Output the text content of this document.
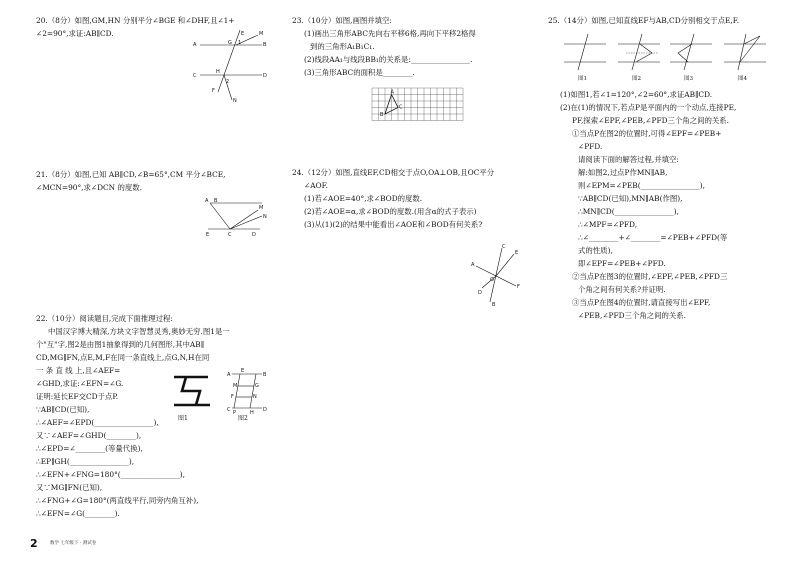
20.（8分）如图,GM,HN 分别平分∠BGE 和∠DHF,且∠1+
∠2=90°,求证:AB∥CD.
A	B
C	D
E
F
G
H
M
N
1
2
21.（8分）如图,已知 AB∥CD,∠B=65°,CM 平分∠BCE,
∠MCN=90°,求∠DCN 的度数.
A B
M
N
E	C	D
22.（10分）阅读题目,完成下面推理过程:
中国汉字博大精深,方块文字智慧灵秀,奥妙无穷.图1是一
个"互"字,图2是由图1抽象得到的几何图形,其中AB∥
CD,MG∥FN,点E,M,F在同一条直线上,点G,N,H在同
一 条 直 线 上,且∠AEF=
∠GHD,求证:∠EFN=∠G.
证明:延长EF交CD于点P.
∵AB∥CD(已知),
∴∠AEF=∠EPD(________________),
又∵∠AEF=∠GHD(________),
∴∠EPD=∠________(等量代换),
∴EP∥GH(________________),
∴∠EFN+∠FNG=180°(________________),
又∵MG∥FN(已知),
∴∠FNG+∠G=180°(两直线平行,同旁内角互补),
∴∠EFN=∠G(________).
图1
A	B
C	D
E
F
G
H
M
N
P
图2
23.（10分）如图,画图并填空:
(1)画出三角形ABC先向右平移6格,再向下平移2格得
到的三角形A₁B₁C₁.
(2)线段AA₁与线段BB₁的关系是:________________.
(3)三角形ABC的面积是________.
A
B
C
24.（12分）如图,直线EF,CD相交于点O,OA⊥OB,且OC平分
∠AOF.
(1)若∠AOE=40°,求∠BOD的度数.
(2)若∠AOE=α,求∠BOD的度数.(用含α的式子表示)
(3)从(1)(2)的结果中能看出∠AOE和∠BOD有何关系?
C
E
A
O
F
D
B
25.（14分）如图,已知直线EF与AB,CD分别相交于点E,F.
图1	图2	图3	图4
(1)如图1,若∠1=120°,∠2=60°,求证AB∥CD.
(2)在(1)的情况下,若点P是平面内的一个动点,连接PE,
PF,探索∠EPF,∠PEB,∠PFD三个角之间的关系.
①当点P在图2的位置时,可得∠EPF=∠PEB+
∠PFD.
请阅读下面的解答过程,并填空:
解:如图2,过点P作MN∥AB,
则∠EPM=∠PEB(________________),
∵AB∥CD(已知),MN∥AB(作图),
∴MN∥CD(________________),
∴∠MPF=∠PFD,
∴∠________+∠________=∠PEB+∠PFD(等
式的性质),
即∠EPF=∠PEB+∠PFD.
②当点P在图3的位置时,∠EPF,∠PEB,∠PFD三
个角之间有何关系?并证明.
③当点P在图4的位置时,请直接写出∠EPF,
∠PEB,∠PFD三个角之间的关系.
2	数学 七年级下 · 测试卷
